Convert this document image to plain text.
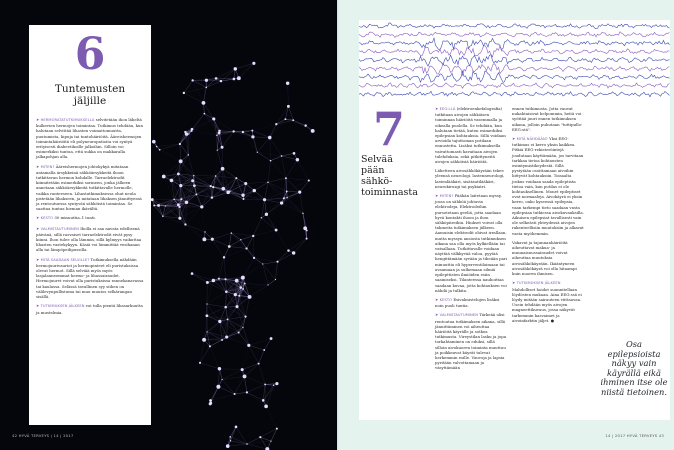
6
Tuntemusten
jäljille

➤ HERMORATATUTKIMUKSELLA selvitetään ihon läheltä kulkevien hermojen toimintaa. Tutkimus tehdään, kun halutaan selvittää lihasten voimattomuutta, puutumista, kipuja tai tuntohäiriöitä. Ääreishermojen toimintahäiriöitä eli polyneuropatioita voi syntyä erityisesti diabeetikoille jalkoihin. Silloin voi esimerkiksi tuntua, että sukka on makkaralla jalkapohjan alla.

➤ MITEN? Ääreishermojen johtokykyä mitataan antamalla ärsykkeinä sähköärsykkeitä ihoon tutkittavan hermon kohdalle. Tarraelektrodit kiinnitetään esimerkiksi sormeen, jonka jälkeen annetaan sähköärsykkeitä tutkittavalle hermolle, vaikka ranteeseen. Lihastutkimuksessa ohut neula pistetään lihakseen, ja mitataan lihaksen jännittyessä ja rentoutuessa syntyvää sähköistä toimintaa. Se saattaa tuntua hieman ikävältä.

➤ KESTO 30 minuuttia–1 tunti.

➤ VALMISTAUTUMINEN Iholla ei saa navata edellisenä päivänä, sillä rasvaiset tarraelektrodit eivät pysy kiinni. Ihon tulee olla lämmin, sillä kylmyys vaikuttaa lihasten vastekykyyn. Käsiä voi lämmittää vesihanan alla tai lämpöpeilipussilla.

➤ MITÄ SAADAAN SELVILLE? Tutkimuksella nähdään hermojuurivauriot ja hermopinteet eli puristuksissa olevat hermot. Sillä selviää myös myös lasjalanneemmat hermo- ja lihassairaudet. Hermojuuret voivat olla puristuksissa rannekanavassa tai kaulassa. Selässä tavallinen syy siihen on välilevynpullistuma tai muu muutos selkärangan sisällä.

➤ TUTKIMUKSEN JÄLKEEN voi tulla pientä lihasarkuutta ja mustelmia.

42 HYVÄ TERVEYS | 14 | 2017
7
Selvää pään
sähkö-
toiminnasta

➤ EEG:LLÄ (elektroenkefalografia) tutkitaan aivojen sähköisen toiminnan häiriöitä vasemmalla ja oikealla puolella. Se tehdään, kun halutaan tietää, kuten esimerkiksi epilepsian kohtauksia. Sillä voidaan arvioida tajuttoman potilaan ennustetta. Lisäksi tutkimuksella vaivattomasti havaitaan aivojen tulehduksia, sekä pitkittyneitä aivojen sähköisiä häiriöitä.

Lähetteen aivosähkökäyrään tekee yleensä neurologi, lastenneurologi, lastenlääkäri, sisätautilääkäri, neurokirurgi tai psykiatri.

➤ MITEN? Päähän laitetaan myssy, jossa on sähköä johtavia elektrodeja. Elektrodeihin pursotetaan geeliä, jotta saadaan hyvä kontakti ihoon ja ihon sähköpiireihin. Hiukset voivat olla tahmeita tutkimuksen jälkeen. Aamuisin elektrodit ohivat irrallaan, mutta myssyn ansiosta tutkimuksen aikana saa olla myös kylkiellään tai vatsallaan. Tutkittavalle voidaan näyttää välkkyvää valoa, pyytää hengittämään syvään ja tiheään pari minuuttia eli hyperventiloimaan tai avaamaan ja sulkemaan silmiä epilepttisten ilmiöiden esiin saamiseksi. Tilanteessa nauhoittaa saadaan kuvaa, jotta kohtauksen voi nähdä ja tulkita.

➤ KESTO Esivalmistelujen lisäksi noin puoli tuntia.

➤ VALMISTAUTUMINEN Tärkeää olisi rentoutua tutkimuksen aikana, sillä jännittäminen voi aiheuttaa häiriöitä käyrälle ja sotkea tutkimusta. Vireystilan lasku ja jopa torkahtaminen on eduksi, sillä silloin aivokuoren toiminta muuttuu ja poikkeavat käyrät tulevat herkemmin esille. Vauvoja ja lapsia pyritään valvottamaan ja väsyttämään

ennen tutkimusta. Jotta vauvat nukahtaisivat helpommin, heitä voi syöttää juuri ennen tutkimuksen aikana, jolloin puhutaan "tuttipullo-EEG:stä".

➤ MITÄ NÄHDÄÄN? Yksi EEG-tutkimus ei kerro yksin kaikkea. Pitkiä EEG-rekisteröintejä joudutaan käyttämään, jos tarvitaan tarkkaa tietoa kohtausten esiintymistiheydestä. Sillä pystytään osoittamaan aivoihin liittyvät kohtauksiin. Toisaalta joskus voidaan saada epileptista tietoa vain, kun potilas ei ole kohtauksellinen. Monet epileptiset ovat normaaleja. Aivokäyrä ei yksin kerro, onko kyseessä epilepsia, vaan tarkempi tieto saadaan vasta epilepsiaa tutkiessa aivokuvauksilla. Aikuisen epilepsiat tavallisesti vain ole selkeästi yhteydessä aivojen rakenteellisiin muutoksiin ja alkavat vasta myöhemmin.

Vakavat ja tajunnanhäiriöitä aiheuttavat makua- ja muunaisuussairaudet voivat aiheuttaa muutoksia aivosähkökäyrään. Ikääntyneen aivosähkökäyrä voi olla hitaampi kuin nuoren ihmisen.

➤ TUTKIMUKSEN JÄLKEEN Mahdolliset hoidot suunnitellaan löydösten mukaan. Aina EEG:ssä ei löydy mitään sairauteen viittaavaa. Usein tehdään myös aivojen magneettikuvaus, jossa näkyvät tarkemmin kasvaimet ja aivoinfarktin jäljet. ●

Osa epilepsioista näkyy vain käyrällä eikä ihminen itse ole niistä tietoinen.
14 | 2017 HYVÄ TERVEYS 43
